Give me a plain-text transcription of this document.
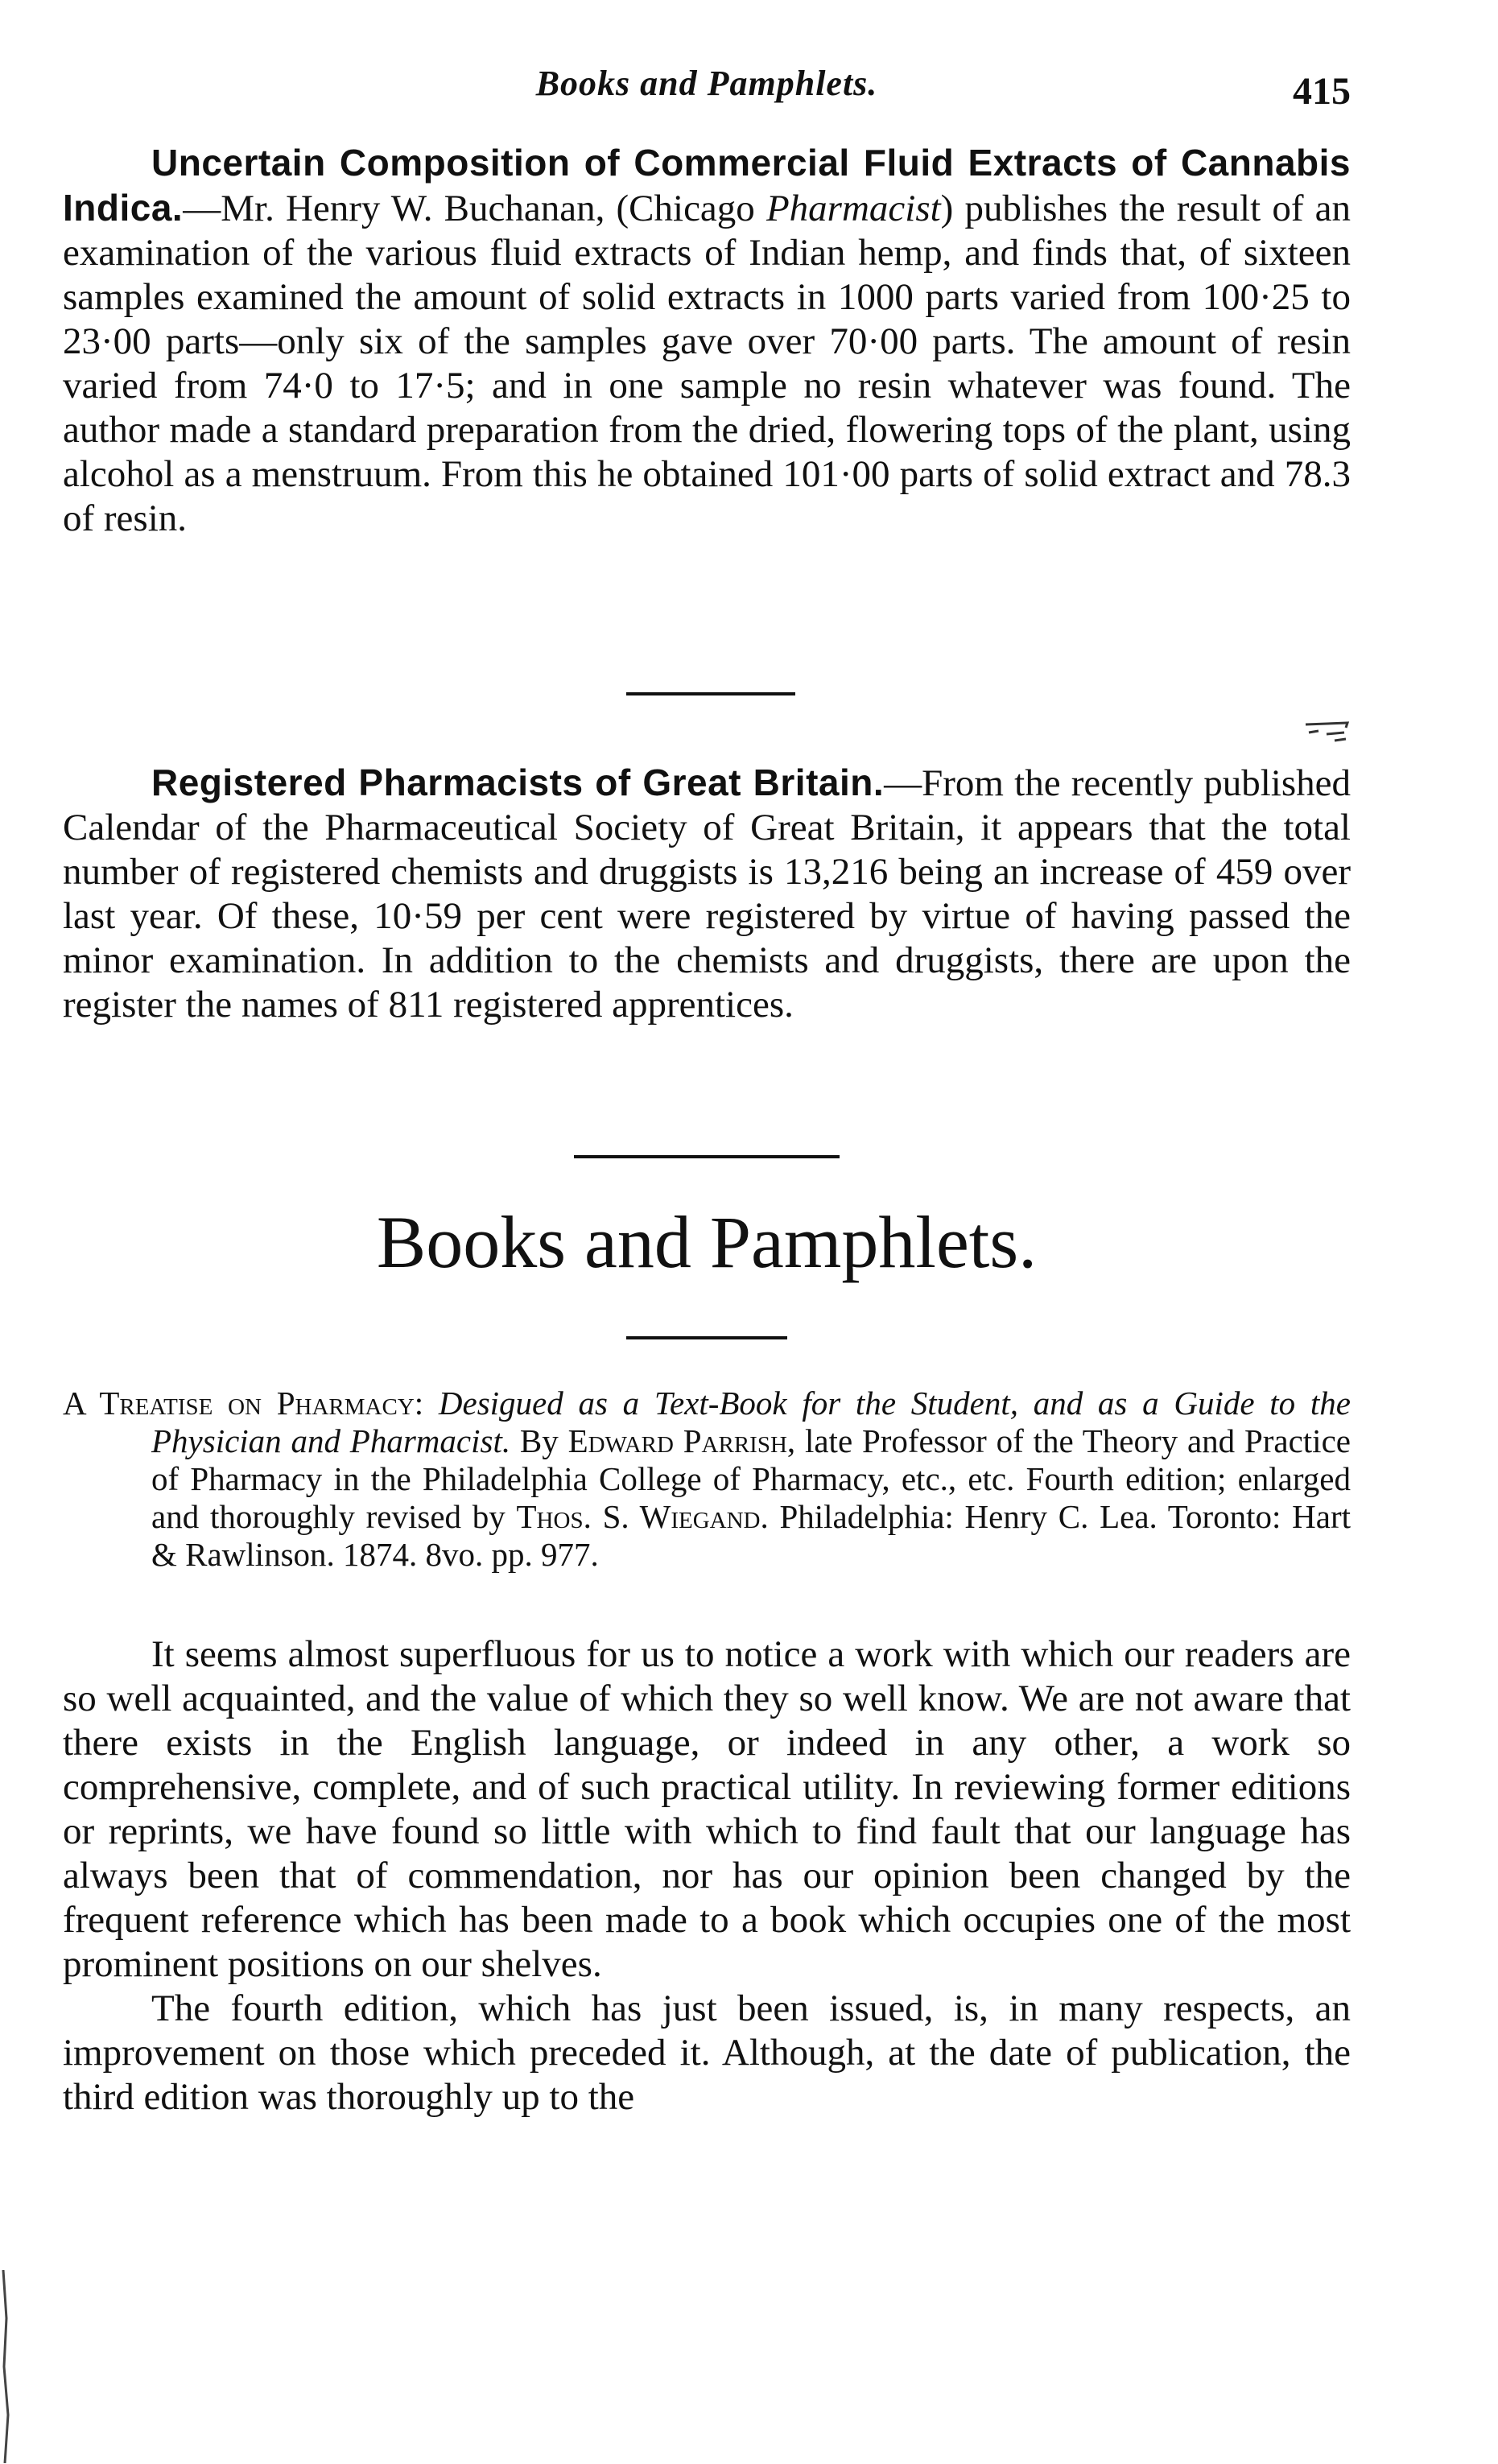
Books and Pamphlets.	415

Uncertain Composition of Commercial Fluid Extracts of Cannabis Indica.—Mr. Henry W. Buchanan, (Chicago Pharmacist) publishes the result of an examination of the various fluid extracts of Indian hemp, and finds that, of sixteen samples examined the amount of solid extracts in 1000 parts varied from 100·25 to 23·00 parts—only six of the samples gave over 70·00 parts. The amount of resin varied from 74·0 to 17·5; and in one sample no resin whatever was found. The author made a standard preparation from the dried, flowering tops of the plant, using alcohol as a menstruum. From this he obtained 101·00 parts of solid extract and 78.3 of resin.

Registered Pharmacists of Great Britain.—From the recently published Calendar of the Pharmaceutical Society of Great Britain, it appears that the total number of registered chemists and druggists is 13,216 being an increase of 459 over last year. Of these, 10·59 per cent were registered by virtue of having passed the minor examination. In addition to the chemists and druggists, there are upon the register the names of 811 registered apprentices.

Books and Pamphlets.
A Treatise on Pharmacy: Desigued as a Text-Book for the Student, and as a Guide to the Physician and Pharmacist. By Edward Parrish, late Professor of the Theory and Practice of Pharmacy in the Philadelphia College of Pharmacy, etc., etc. Fourth edition; enlarged and thoroughly revised by Thos. S. Wiegand. Philadelphia: Henry C. Lea. Toronto: Hart & Rawlinson. 1874. 8vo. pp. 977.

It seems almost superfluous for us to notice a work with which our readers are so well acquainted, and the value of which they so well know. We are not aware that there exists in the English language, or indeed in any other, a work so comprehensive, complete, and of such practical utility. In reviewing former editions or reprints, we have found so little with which to find fault that our language has always been that of commendation, nor has our opinion been changed by the frequent reference which has been made to a book which occupies one of the most prominent positions on our shelves.

The fourth edition, which has just been issued, is, in many respects, an improvement on those which preceded it. Although, at the date of publication, the third edition was thoroughly up to the
